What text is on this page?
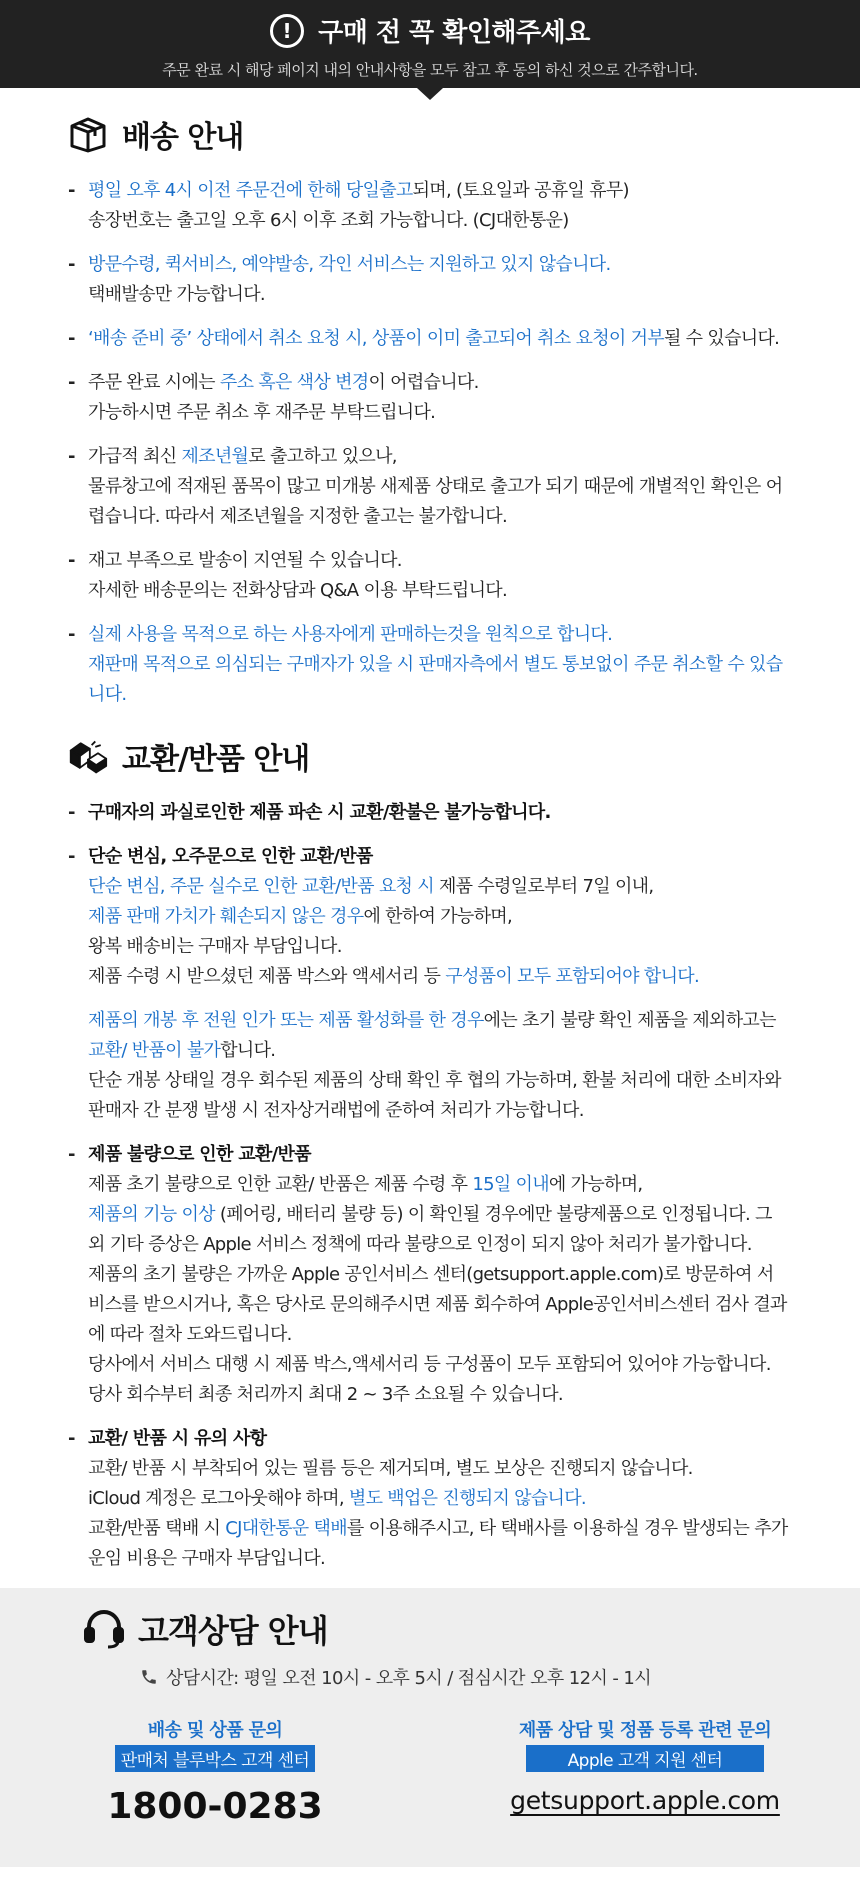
!	구매 전 꼭 확인해주세요
주문 완료 시 해당 페이지 내의 안내사항을 모두 참고 후 동의 하신 것으로 간주합니다.
배송 안내
- 평일 오후 4시 이전 주문건에 한해 당일출고되며, (토요일과 공휴일 휴무)
송장번호는 출고일 오후 6시 이후 조회 가능합니다. (CJ대한통운)
- 방문수령, 퀵서비스, 예약발송, 각인 서비스는 지원하고 있지 않습니다.
택배발송만 가능합니다.
- ‘배송 준비 중’ 상태에서 취소 요청 시, 상품이 이미 출고되어 취소 요청이 거부될 수 있습니다.
- 주문 완료 시에는 주소 혹은 색상 변경이 어렵습니다.
가능하시면 주문 취소 후 재주문 부탁드립니다.
- 가급적 최신 제조년월로 출고하고 있으나,
물류창고에 적재된 품목이 많고 미개봉 새제품 상태로 출고가 되기 때문에 개별적인 확인은 어렵습니다. 따라서 제조년월을 지정한 출고는 불가합니다.
- 재고 부족으로 발송이 지연될 수 있습니다.
자세한 배송문의는 전화상담과 Q&A 이용 부탁드립니다.
- 실제 사용을 목적으로 하는 사용자에게 판매하는것을 원칙으로 합니다.
재판매 목적으로 의심되는 구매자가 있을 시 판매자측에서 별도 통보없이 주문 취소할 수 있습니다.
교환/반품 안내
- 구매자의 과실로인한 제품 파손 시 교환/환불은 불가능합니다.
- 단순 변심, 오주문으로 인한 교환/반품
단순 변심, 주문 실수로 인한 교환/반품 요청 시 제품 수령일로부터 7일 이내,
제품 판매 가치가 훼손되지 않은 경우에 한하여 가능하며,
왕복 배송비는 구매자 부담입니다.
제품 수령 시 받으셨던 제품 박스와 액세서리 등 구성품이 모두 포함되어야 합니다.
제품의 개봉 후 전원 인가 또는 제품 활성화를 한 경우에는 초기 불량 확인 제품을 제외하고는 교환/ 반품이 불가합니다.
단순 개봉 상태일 경우 회수된 제품의 상태 확인 후 협의 가능하며, 환불 처리에 대한 소비자와 판매자 간 분쟁 발생 시 전자상거래법에 준하여 처리가 가능합니다.
- 제품 불량으로 인한 교환/반품
제품 초기 불량으로 인한 교환/ 반품은 제품 수령 후 15일 이내에 가능하며,
제품의 기능 이상 (페어링, 배터리 불량 등) 이 확인될 경우에만 불량제품으로 인정됩니다. 그 외 기타 증상은 Apple 서비스 정책에 따라 불량으로 인정이 되지 않아 처리가 불가합니다.
제품의 초기 불량은 가까운 Apple 공인서비스 센터(getsupport.apple.com)로 방문하여 서비스를 받으시거나, 혹은 당사로 문의해주시면 제품 회수하여 Apple공인서비스센터 검사 결과에 따라 절차 도와드립니다.
당사에서 서비스 대행 시 제품 박스,액세서리 등 구성품이 모두 포함되어 있어야 가능합니다. 당사 회수부터 최종 처리까지 최대 2 ~ 3주 소요될 수 있습니다.
- 교환/ 반품 시 유의 사항
교환/ 반품 시 부착되어 있는 필름 등은 제거되며, 별도 보상은 진행되지 않습니다.
iCloud 계정은 로그아웃해야 하며, 별도 백업은 진행되지 않습니다.
교환/반품 택배 시 CJ대한통운 택배를 이용해주시고, 타 택배사를 이용하실 경우 발생되는 추가 운임 비용은 구매자 부담입니다.
고객상담 안내
상담시간: 평일 오전 10시 - 오후 5시 / 점심시간 오후 12시 - 1시
배송 및 상품 문의
판매처 블루박스 고객 센터
1800-0283
제품 상담 및 정품 등록 관련 문의
Apple 고객 지원 센터
getsupport.apple.com
